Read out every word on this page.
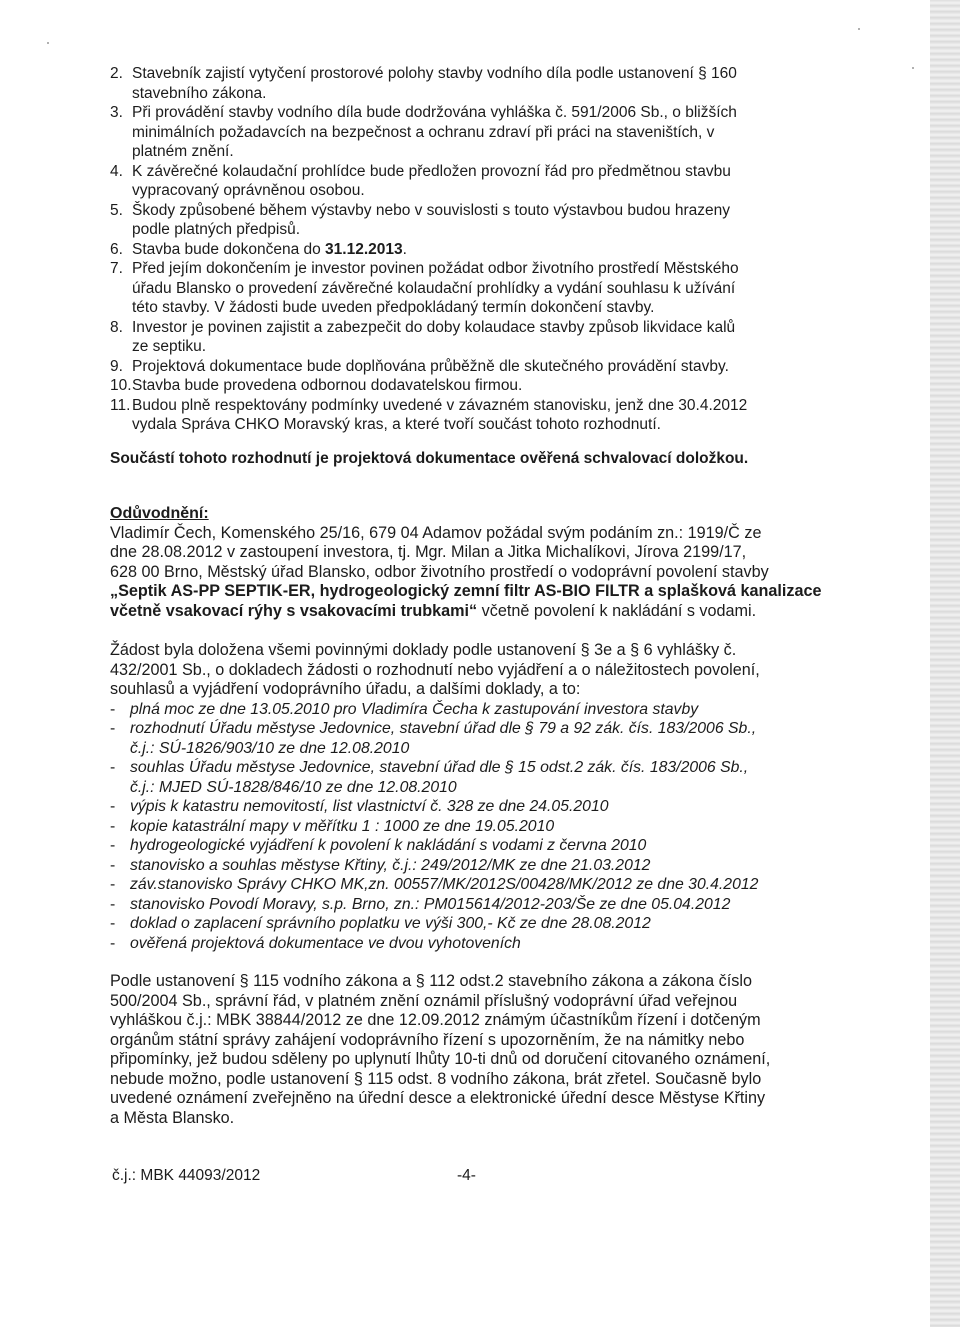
2. Stavebník zajistí vytyčení prostorové polohy stavby vodního díla podle ustanovení § 160
stavebního zákona.
3. Při provádění stavby vodního díla bude dodržována vyhláška č. 591/2006 Sb., o bližších
minimálních požadavcích na bezpečnost a ochranu zdraví při práci na staveništích, v
platném znění.
4. K závěrečné kolaudační prohlídce bude předložen provozní řád pro předmětnou stavbu
vypracovaný oprávněnou osobou.
5. Škody způsobené během výstavby nebo v souvislosti s touto výstavbou budou hrazeny
podle platných předpisů.
6. Stavba bude dokončena do 31.12.2013.
7. Před jejím dokončením je investor povinen požádat odbor životního prostředí Městského
úřadu Blansko o provedení závěrečné kolaudační prohlídky a vydání souhlasu k užívání
této stavby. V žádosti bude uveden předpokládaný termín dokončení stavby.
8. Investor je povinen zajistit a zabezpečit do doby kolaudace stavby způsob likvidace kalů
ze septiku.
9. Projektová dokumentace bude doplňována průběžně dle skutečného provádění stavby.
10. Stavba bude provedena odbornou dodavatelskou firmou.
11. Budou plně respektovány podmínky uvedené v závazném stanovisku, jenž dne 30.4.2012
vydala Správa CHKO Moravský kras, a které tvoří součást tohoto rozhodnutí.
Součástí tohoto rozhodnutí je projektová dokumentace ověřená schvalovací doložkou.
Odůvodnění:

Vladimír Čech, Komenského 25/16, 679 04 Adamov požádal svým podáním zn.: 1919/Č ze

dne 28.08.2012 v zastoupení investora, tj. Mgr. Milan a Jitka Michalíkovi, Jírova 2199/17,

628 00 Brno, Městský úřad Blansko, odbor životního prostředí o vodoprávní povolení stavby

„Septik AS-PP SEPTIK-ER, hydrogeologický zemní filtr AS-BIO FILTR a splašková kanalizace

včetně vsakovací rýhy s vsakovacími trubkami“ včetně povolení k nakládání s vodami.

Žádost byla doložena všemi povinnými doklady podle ustanovení § 3e a § 6 vyhlášky č.

432/2001 Sb., o dokladech žádosti o rozhodnutí nebo vyjádření a o náležitostech povolení,

souhlasů a vyjádření vodoprávního úřadu, a dalšími doklady, a to:

- plná moc ze dne 13.05.2010 pro Vladimíra Čecha k zastupování investora stavby
- rozhodnutí Úřadu městyse Jedovnice, stavební úřad dle § 79 a 92 zák. čís. 183/2006 Sb.,
č.j.: SÚ-1826/903/10 ze dne 12.08.2010
- souhlas Úřadu městyse Jedovnice, stavební úřad dle § 15 odst.2 zák. čís. 183/2006 Sb.,
č.j.: MJED SÚ-1828/846/10 ze dne 12.08.2010
- výpis k katastru nemovitostí, list vlastnictví č. 328 ze dne 24.05.2010
- kopie katastrální mapy v měřítku 1 : 1000 ze dne 19.05.2010
- hydrogeologické vyjádření k povolení k nakládání s vodami z června 2010
- stanovisko a souhlas městyse Křtiny, č.j.: 249/2012/MK ze dne 21.03.2012
- záv.stanovisko Správy CHKO MK,zn. 00557/MK/2012S/00428/MK/2012 ze dne 30.4.2012
- stanovisko Povodí Moravy, s.p. Brno, zn.: PM015614/2012-203/Še ze dne 05.04.2012
- doklad o zaplacení správního poplatku ve výši 300,- Kč ze dne 28.08.2012
- ověřená projektová dokumentace ve dvou vyhotoveních

Podle ustanovení § 115 vodního zákona a § 112 odst.2 stavebního zákona a zákona číslo

500/2004 Sb., správní řád, v platném znění oznámil příslušný vodoprávní úřad veřejnou

vyhláškou č.j.: MBK 38844/2012 ze dne 12.09.2012 známým účastníkům řízení i dotčeným

orgánům státní správy zahájení vodoprávního řízení s upozorněním, že na námitky nebo

připomínky, jež budou sděleny po uplynutí lhůty 10-ti dnů od doručení citovaného oznámení,

nebude možno, podle ustanovení § 115 odst. 8 vodního zákona, brát zřetel. Současně bylo

uvedené oznámení zveřejněno na úřední desce a elektronické úřední desce Městyse Křtiny

a Města Blansko.

č.j.: MBK 44093/2012	-4-
